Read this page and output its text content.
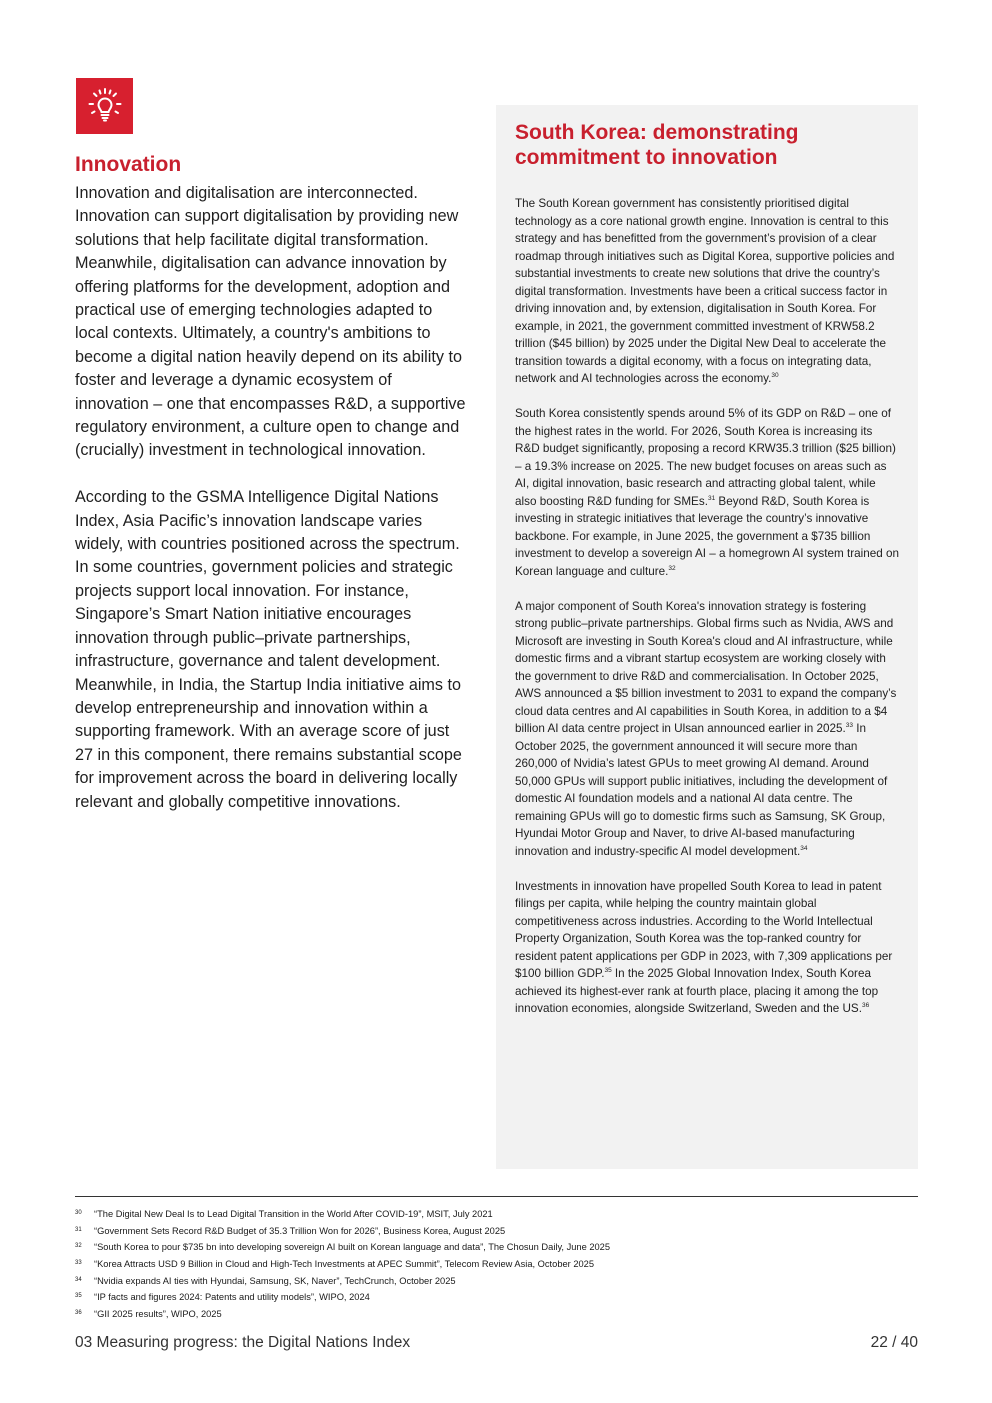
Innovation

Innovation and digitalisation are interconnected. Innovation can support digitalisation by providing new solutions that help facilitate digital transformation. Meanwhile, digitalisation can advance innovation by offering platforms for the development, adoption and practical use of emerging technologies adapted to local contexts. Ultimately, a country's ambitions to become a digital nation heavily depend on its ability to foster and leverage a dynamic ecosystem of innovation – one that encompasses R&D, a supportive regulatory environment, a culture open to change and (crucially) investment in technological innovation.

According to the GSMA Intelligence Digital Nations Index, Asia Pacific’s innovation landscape varies widely, with countries positioned across the spectrum. In some countries, government policies and strategic projects support local innovation. For instance, Singapore’s Smart Nation initiative encourages innovation through public–private partnerships, infrastructure, governance and talent development. Meanwhile, in India, the Startup India initiative aims to develop entrepreneurship and innovation within a supporting framework. With an average score of just 27 in this component, there remains substantial scope for improvement across the board in delivering locally relevant and globally competitive innovations.

South Korea: demonstrating commitment to innovation

The South Korean government has consistently prioritised digital technology as a core national growth engine. Innovation is central to this strategy and has benefitted from the government’s provision of a clear roadmap through initiatives such as Digital Korea, supportive policies and substantial investments to create new solutions that drive the country’s digital transformation. Investments have been a critical success factor in driving innovation and, by extension, digitalisation in South Korea. For example, in 2021, the government committed investment of KRW58.2 trillion ($45 billion) by 2025 under the Digital New Deal to accelerate the transition towards a digital economy, with a focus on integrating data, network and AI technologies across the economy.$^{30}$

South Korea consistently spends around 5% of its GDP on R&D – one of the highest rates in the world. For 2026, South Korea is increasing its R&D budget significantly, proposing a record KRW35.3 trillion ($25 billion) – a 19.3% increase on 2025. The new budget focuses on areas such as AI, digital innovation, basic research and attracting global talent, while also boosting R&D funding for SMEs.$^{31}$ Beyond R&D, South Korea is investing in strategic initiatives that leverage the country’s innovative backbone. For example, in June 2025, the government a $735 billion investment to develop a sovereign AI – a homegrown AI system trained on Korean language and culture.$^{32}$

A major component of South Korea's innovation strategy is fostering strong public–private partnerships. Global firms such as Nvidia, AWS and Microsoft are investing in South Korea's cloud and AI infrastructure, while domestic firms and a vibrant startup ecosystem are working closely with the government to drive R&D and commercialisation. In October 2025, AWS announced a $5 billion investment to 2031 to expand the company’s cloud data centres and AI capabilities in South Korea, in addition to a $4 billion AI data centre project in Ulsan announced earlier in 2025.33 In October 2025, the government announced it will secure more than 260,000 of Nvidia’s latest GPUs to meet growing AI demand. Around 50,000 GPUs will support public initiatives, including the development of domestic AI foundation models and a national AI data centre. The remaining GPUs will go to domestic firms such as Samsung, SK Group, Hyundai Motor Group and Naver, to drive AI-based manufacturing innovation and industry-specific AI model development.$^{34}$

Investments in innovation have propelled South Korea to lead in patent filings per capita, while helping the country maintain global competitiveness across industries. According to the World Intellectual Property Organization, South Korea was the top-ranked country for resident patent applications per GDP in 2023, with 7,309 applications per $100 billion GDP.$^{35}$ In the 2025 Global Innovation Index, South Korea achieved its highest-ever rank at fourth place, placing it among the top innovation economies, alongside Switzerland, Sweden and the US.$^{36}$

30 “The Digital New Deal Is to Lead Digital Transition in the World After COVID-19”, MSIT, July 2021
31 “Government Sets Record R&D Budget of 35.3 Trillion Won for 2026”, Business Korea, August 2025
32 “South Korea to pour $735 bn into developing sovereign AI built on Korean language and data”, The Chosun Daily, June 2025
33 “Korea Attracts USD 9 Billion in Cloud and High-Tech Investments at APEC Summit”, Telecom Review Asia, October 2025
34 “Nvidia expands AI ties with Hyundai, Samsung, SK, Naver”, TechCrunch, October 2025
35 “IP facts and figures 2024: Patents and utility models”, WIPO, 2024
36 “GII 2025 results”, WIPO, 2025
03 Measuring progress: the Digital Nations Index	22 / 40
